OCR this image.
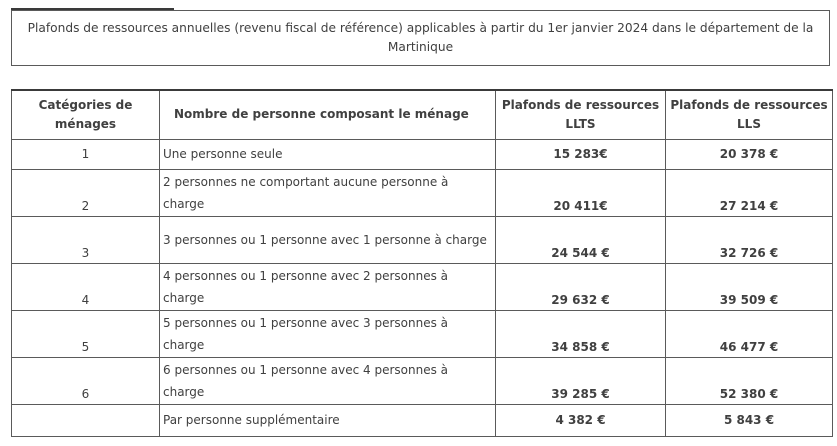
Plafonds de ressources annuelles (revenu fiscal de référence) applicables à partir du 1er janvier 2024 dans le département de la Martinique
Catégories de ménages	Nombre de personne composant le ménage	Plafonds de ressources LLTS	Plafonds de ressources LLS
1	Une personne seule	15 283€	20 378 €
2	2 personnes ne comportant aucune personne à charge	20 411€	27 214 €
3	3 personnes ou 1 personne avec 1 personne à charge	24 544 €	32 726 €
4	4 personnes ou 1 personne avec 2 personnes à charge	29 632 €	39 509 €
5	5 personnes ou 1 personne avec 3 personnes à charge	34 858 €	46 477 €
6	6 personnes ou 1 personne avec 4 personnes à charge	39 285 €	52 380 €
	Par personne supplémentaire	4 382 €	5 843 €
